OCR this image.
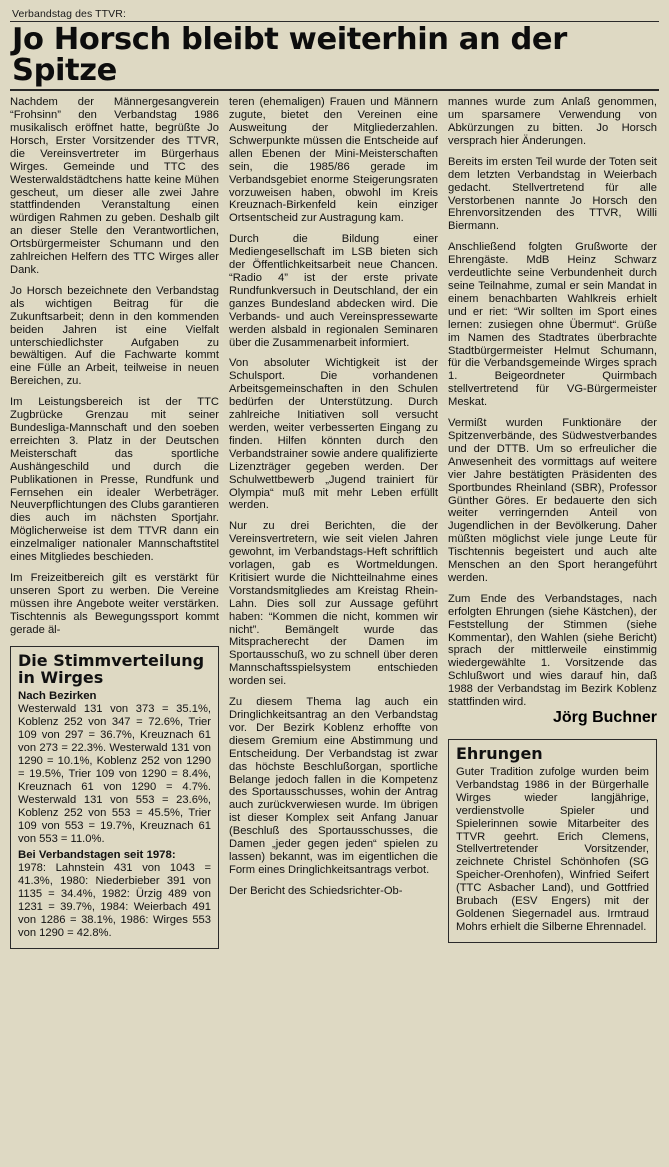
Verbandstag des TTVR:
Jo Horsch bleibt weiterhin an der Spitze

Nachdem der Männergesangverein “Frohsinn” den Verbandstag 1986 musikalisch eröffnet hatte, begrüßte Jo Horsch, Erster Vorsitzender des TTVR, die Vereinsvertreter im Bürgerhaus Wirges. Gemeinde und TTC des Westerwaldstädtchens hatte keine Mühen gescheut, um dieser alle zwei Jahre stattfindenden Veranstaltung einen würdigen Rahmen zu geben. Deshalb gilt an dieser Stelle den Verantwortlichen, Ortsbürgermeister Schumann und den zahlreichen Helfern des TTC Wirges aller Dank.

Jo Horsch bezeichnete den Verbandstag als wichtigen Beitrag für die Zukunftsarbeit; denn in den kommenden beiden Jahren ist eine Vielfalt unterschiedlichster Aufgaben zu bewältigen. Auf die Fachwarte kommt eine Fülle an Arbeit, teilweise in neuen Bereichen, zu.

Im Leistungsbereich ist der TTC Zugbrücke Grenzau mit seiner Bundesliga-Mannschaft und den soeben erreichten 3. Platz in der Deutschen Meisterschaft das sportliche Aushängeschild und durch die Publikationen in Presse, Rundfunk und Fernsehen ein idealer Werbeträger. Neuverpflichtungen des Clubs garantieren dies auch im nächsten Sportjahr. Möglicherweise ist dem TTVR dann ein einzelmaliger nationaler Mannschaftstitel eines Mitgliedes beschieden.

Im Freizeitbereich gilt es verstärkt für unseren Sport zu werben. Die Vereine müssen ihre Angebote weiter verstärken. Tischtennis als Bewegungssport kommt gerade äl-

Die Stimmverteilung in Wirges
Nach Bezirken

Westerwald 131 von 373 = 35.1%, Koblenz 252 von 347 = 72.6%, Trier 109 von 297 = 36.7%, Kreuznach 61 von 273 = 22.3%. Westerwald 131 von 1290 = 10.1%, Koblenz 252 von 1290 = 19.5%, Trier 109 von 1290 = 8.4%, Kreuznach 61 von 1290 = 4.7%. Westerwald 131 von 553 = 23.6%, Koblenz 252 von 553 = 45.5%, Trier 109 von 553 = 19.7%, Kreuznach 61 von 553 = 11.0%.

Bei Verbandstagen seit 1978:

1978: Lahnstein 431 von 1043 = 41.3%, 1980: Niederbieber 391 von 1135 = 34.4%, 1982: Ürzig 489 von 1231 = 39.7%, 1984: Weierbach 491 von 1286 = 38.1%, 1986: Wirges 553 von 1290 = 42.8%.

teren (ehemaligen) Frauen und Männern zugute, bietet den Vereinen eine Ausweitung der Mitgliederzahlen. Schwerpunkte müssen die Entscheide auf allen Ebenen der Mini-Meisterschaften sein, die 1985/86 gerade im Verbandsgebiet enorme Steigerungsraten vorzuweisen haben, obwohl im Kreis Kreuznach-Birkenfeld kein einziger Ortsentscheid zur Austragung kam.

Durch die Bildung einer Mediengesellschaft im LSB bieten sich der Öffentlichkeitsarbeit neue Chancen. “Radio 4” ist der erste private Rundfunkversuch in Deutschland, der ein ganzes Bundesland abdecken wird. Die Verbands- und auch Vereinspressewarte werden alsbald in regionalen Seminaren über die Zusammenarbeit informiert.

Von absoluter Wichtigkeit ist der Schulsport. Die vorhandenen Arbeitsgemeinschaften in den Schulen bedürfen der Unterstützung. Durch zahlreiche Initiativen soll versucht werden, weiter verbesserten Eingang zu finden. Hilfen könnten durch den Verbandstrainer sowie andere qualifizierte Lizenzträger gegeben werden. Der Schulwettbewerb „Jugend trainiert für Olympia“ muß mit mehr Leben erfüllt werden.

Nur zu drei Berichten, die der Vereinsvertretern, wie seit vielen Jahren gewohnt, im Verbandstags-Heft schriftlich vorlagen, gab es Wortmeldungen. Kritisiert wurde die Nichtteilnahme eines Vorstandsmitgliedes am Kreistag Rhein-Lahn. Dies soll zur Aussage geführt haben: “Kommen die nicht, kommen wir nicht”. Bemängelt wurde das Mitspracherecht der Damen im Sportausschuß, wo zu schnell über deren Mannschaftsspielsystem entschieden worden sei.

Zu diesem Thema lag auch ein Dringlichkeitsantrag an den Verbandstag vor. Der Bezirk Koblenz erhoffte von diesem Gremium eine Abstimmung und Entscheidung. Der Verbandstag ist zwar das höchste Beschlußorgan, sportliche Belange jedoch fallen in die Kompetenz des Sportausschusses, wohin der Antrag auch zurückverwiesen wurde. Im übrigen ist dieser Komplex seit Anfang Januar (Beschluß des Sportausschusses, die Damen „jeder gegen jeden“ spielen zu lassen) bekannt, was im eigentlichen die Form eines Dringlichkeitsantrags verbot.

Der Bericht des Schiedsrichter-Ob-

mannes wurde zum Anlaß genommen, um sparsamere Verwendung von Abkürzungen zu bitten. Jo Horsch versprach hier Änderungen.

Bereits im ersten Teil wurde der Toten seit dem letzten Verbandstag in Weierbach gedacht. Stellvertretend für alle Verstorbenen nannte Jo Horsch den Ehrenvorsitzenden des TTVR, Willi Biermann.

Anschließend folgten Grußworte der Ehrengäste. MdB Heinz Schwarz verdeutlichte seine Verbundenheit durch seine Teilnahme, zumal er sein Mandat in einem benachbarten Wahlkreis erhielt und er riet: “Wir sollten im Sport eines lernen: zusiegen ohne Übermut“. Grüße im Namen des Stadtrates überbrachte Stadtbürgermeister Helmut Schumann, für die Verbandsgemeinde Wirges sprach 1. Beigeordneter Quirmbach stellvertretend für VG-Bürgermeister Meskat.

Vermißt wurden Funktionäre der Spitzenverbände, des Südwestverbandes und der DTTB. Um so erfreulicher die Anwesenheit des vormittags auf weitere vier Jahre bestätigten Präsidenten des Sportbundes Rheinland (SBR), Professor Günther Göres. Er bedauerte den sich weiter verringernden Anteil von Jugendlichen in der Bevölkerung. Daher müßten möglichst viele junge Leute für Tischtennis begeistert und auch alte Menschen an den Sport herangeführt werden.

Zum Ende des Verbandstages, nach erfolgten Ehrungen (siehe Kästchen), der Feststellung der Stimmen (siehe Kommentar), den Wahlen (siehe Bericht) sprach der mittlerweile einstimmig wiedergewählte 1. Vorsitzende das Schlußwort und wies darauf hin, daß 1988 der Verbandstag im Bezirk Koblenz stattfinden wird.

Jörg Buchner
Ehrungen

Guter Tradition zufolge wurden beim Verbandstag 1986 in der Bürgerhalle Wirges wieder langjährige, verdienstvolle Spieler und Spielerinnen sowie Mitarbeiter des TTVR geehrt. Erich Clemens, Stellvertretender Vorsitzender, zeichnete Christel Schönhofen (SG Speicher-Orenhofen), Winfried Seifert (TTC Asbacher Land), und Gottfried Brubach (ESV Engers) mit der Goldenen Siegernadel aus. Irmtraud Mohrs erhielt die Silberne Ehrennadel.
